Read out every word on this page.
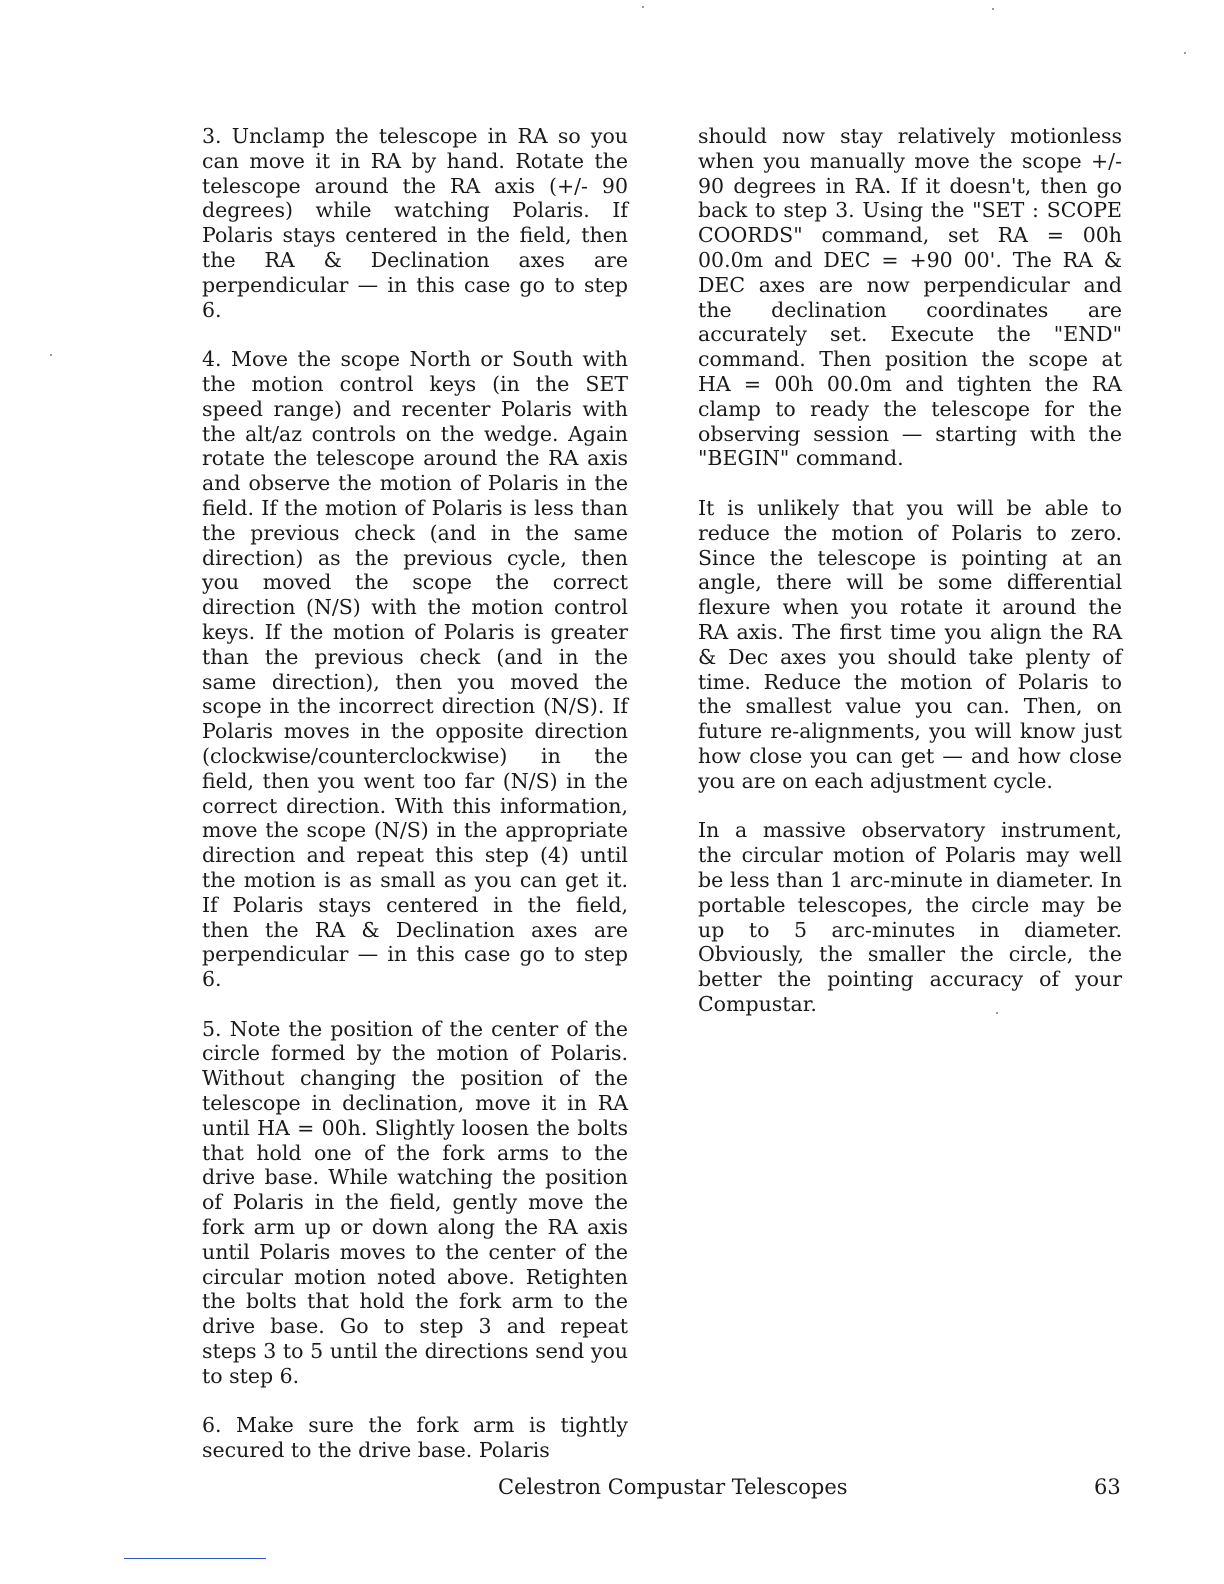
3. Unclamp the telescope in RA so you can move it in RA by hand. Rotate the telescope around the RA axis (+/- 90 degrees) while watching Polaris. If Polaris stays centered in the field, then the RA & Declination axes are perpendicular — in this case go to step 6.

4. Move the scope North or South with the motion control keys (in the SET speed range) and recenter Polaris with the alt/az controls on the wedge. Again rotate the telescope around the RA axis and observe the motion of Polaris in the field. If the motion of Polaris is less than the previous check (and in the same direction) as the previous cycle, then you moved the scope the correct direction (N/S) with the motion control keys. If the motion of Polaris is greater than the previous check (and in the same direction), then you moved the scope in the incorrect direction (N/S). If Polaris moves in the opposite direction (clockwise/counterclockwise) in the field, then you went too far (N/S) in the correct direction. With this information, move the scope (N/S) in the appropriate direction and repeat this step (4) until the motion is as small as you can get it. If Polaris stays centered in the field, then the RA & Declination axes are perpendicular — in this case go to step 6.

5. Note the position of the center of the circle formed by the motion of Polaris. Without changing the position of the telescope in declination, move it in RA until HA = 00h. Slightly loosen the bolts that hold one of the fork arms to the drive base. While watching the position of Polaris in the field, gently move the fork arm up or down along the RA axis until Polaris moves to the center of the circular motion noted above. Retighten the bolts that hold the fork arm to the drive base. Go to step 3 and repeat steps 3 to 5 until the directions send you to step 6.

6. Make sure the fork arm is tightly secured to the drive base. Polaris

should now stay relatively motionless when you manually move the scope +/- 90 degrees in RA. If it doesn't, then go back to step 3. Using the "SET : SCOPE COORDS" command, set RA = 00h 00.0m and DEC = +90 00'. The RA & DEC axes are now perpendicular and the declination coordinates are accurately set. Execute the "END" command. Then position the scope at HA = 00h 00.0m and tighten the RA clamp to ready the telescope for the observing session — starting with the "BEGIN" command.

It is unlikely that you will be able to reduce the motion of Polaris to zero. Since the telescope is pointing at an angle, there will be some differential flexure when you rotate it around the RA axis. The first time you align the RA & Dec axes you should take plenty of time. Reduce the motion of Polaris to the smallest value you can. Then, on future re-alignments, you will know just how close you can get — and how close you are on each adjustment cycle.

In a massive observatory instrument, the circular motion of Polaris may well be less than 1 arc-minute in diameter. In portable telescopes, the circle may be up to 5 arc-minutes in diameter. Obviously, the smaller the circle, the better the pointing accuracy of your Compustar.

Celestron Compustar Telescopes	63
